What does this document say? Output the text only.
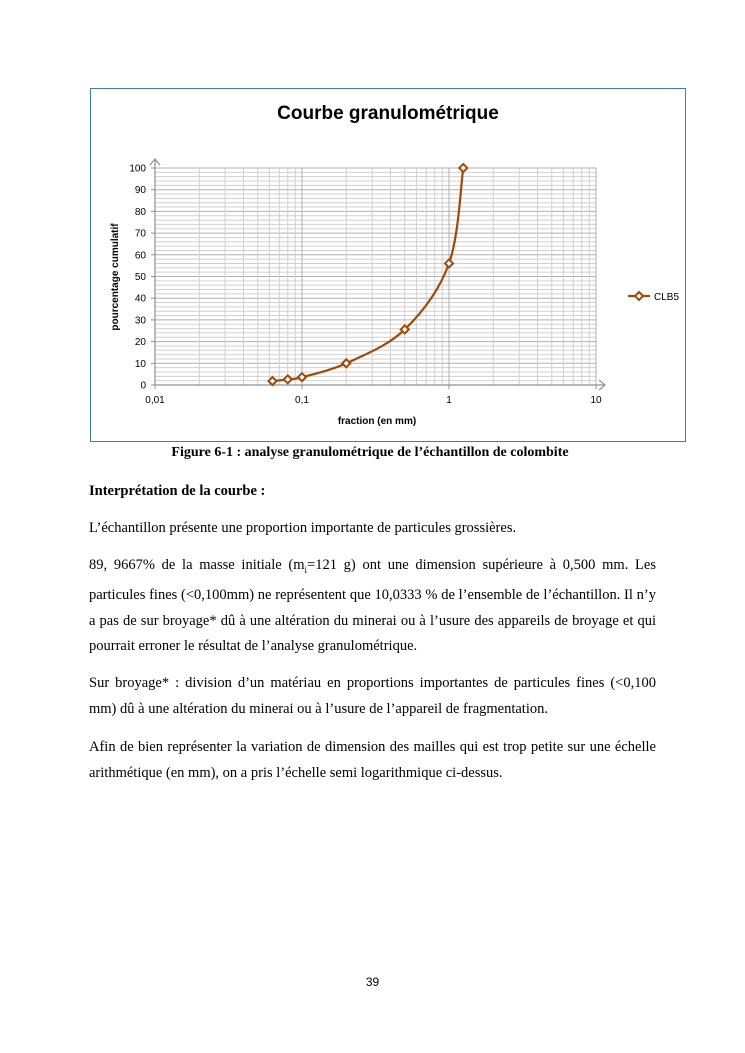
Courbe granulométrique
0
10
20
30
40
50
60
70
80
90
100
0,01	0,1	1	10
fraction (en mm)
pourcentage cumulatif	CLB5
Figure 6-1 : analyse granulométrique de l’échantillon de colombite
Interprétation de la courbe :

L’échantillon présente une proportion importante de particules grossières.

89, 9667% de la masse initiale ($m_i=121$ g) ont une dimension supérieure à 0,500 mm. Les particules fines (<0,100mm) ne représentent que 10,0333 % de l’ensemble de l’échantillon. Il n’y a pas de sur broyage* dû à une altération du minerai ou à l’usure des appareils de broyage et qui pourrait erroner le résultat de l’analyse granulométrique.

Sur broyage* : division d’un matériau en proportions importantes de particules fines (<0,100 mm) dû à une altération du minerai ou à l’usure de l’appareil de fragmentation.

Afin de bien représenter la variation de dimension des mailles qui est trop petite sur une échelle arithmétique (en mm), on a pris l’échelle semi logarithmique ci-dessus.

39
